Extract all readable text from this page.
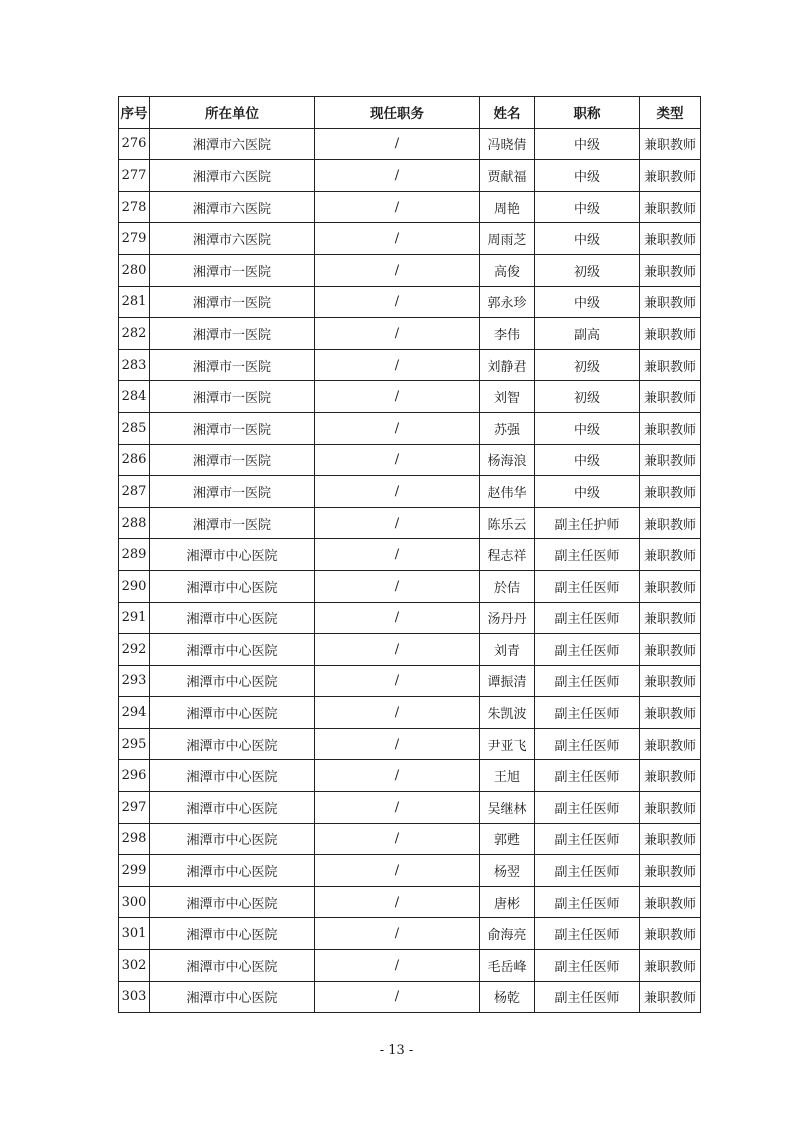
序号	所在单位	现任职务	姓名	职称	类型
276	湘潭市六医院	/	冯晓倩	中级	兼职教师
277	湘潭市六医院	/	贾献福	中级	兼职教师
278	湘潭市六医院	/	周艳	中级	兼职教师
279	湘潭市六医院	/	周雨芝	中级	兼职教师
280	湘潭市一医院	/	高俊	初级	兼职教师
281	湘潭市一医院	/	郭永珍	中级	兼职教师
282	湘潭市一医院	/	李伟	副高	兼职教师
283	湘潭市一医院	/	刘静君	初级	兼职教师
284	湘潭市一医院	/	刘智	初级	兼职教师
285	湘潭市一医院	/	苏强	中级	兼职教师
286	湘潭市一医院	/	杨海浪	中级	兼职教师
287	湘潭市一医院	/	赵伟华	中级	兼职教师
288	湘潭市一医院	/	陈乐云	副主任护师	兼职教师
289	湘潭市中心医院	/	程志祥	副主任医师	兼职教师
290	湘潭市中心医院	/	於佶	副主任医师	兼职教师
291	湘潭市中心医院	/	汤丹丹	副主任医师	兼职教师
292	湘潭市中心医院	/	刘青	副主任医师	兼职教师
293	湘潭市中心医院	/	谭振清	副主任医师	兼职教师
294	湘潭市中心医院	/	朱凯波	副主任医师	兼职教师
295	湘潭市中心医院	/	尹亚飞	副主任医师	兼职教师
296	湘潭市中心医院	/	王旭	副主任医师	兼职教师
297	湘潭市中心医院	/	吴继林	副主任医师	兼职教师
298	湘潭市中心医院	/	郭甦	副主任医师	兼职教师
299	湘潭市中心医院	/	杨翌	副主任医师	兼职教师
300	湘潭市中心医院	/	唐彬	副主任医师	兼职教师
301	湘潭市中心医院	/	俞海亮	副主任医师	兼职教师
302	湘潭市中心医院	/	毛岳峰	副主任医师	兼职教师
303	湘潭市中心医院	/	杨乾	副主任医师	兼职教师
- 13 -
